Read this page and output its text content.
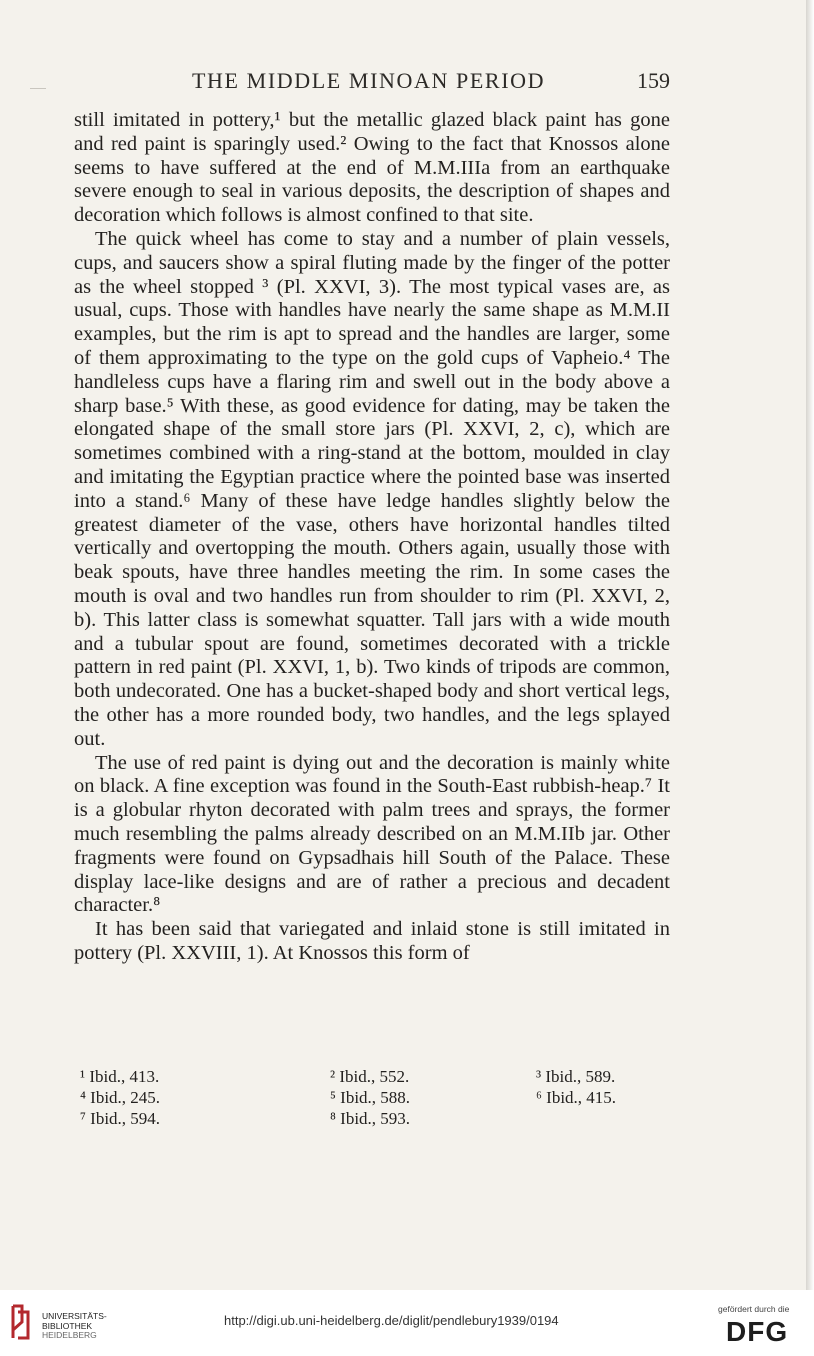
THE MIDDLE MINOAN PERIOD	159

still imitated in pottery,¹ but the metallic glazed black paint has gone and red paint is sparingly used.² Owing to the fact that Knossos alone seems to have suffered at the end of M.M.IIIa from an earthquake severe enough to seal in various deposits, the description of shapes and decoration which follows is almost confined to that site.

The quick wheel has come to stay and a number of plain vessels, cups, and saucers show a spiral fluting made by the finger of the potter as the wheel stopped ³ (Pl. XXVI, 3). The most typical vases are, as usual, cups. Those with handles have nearly the same shape as M.M.II examples, but the rim is apt to spread and the handles are larger, some of them approximating to the type on the gold cups of Vapheio.⁴ The handleless cups have a flaring rim and swell out in the body above a sharp base.⁵ With these, as good evidence for dating, may be taken the elongated shape of the small store jars (Pl. XXVI, 2, c), which are sometimes combined with a ring-stand at the bottom, moulded in clay and imitating the Egyptian practice where the pointed base was inserted into a stand.⁶ Many of these have ledge handles slightly below the greatest diameter of the vase, others have horizontal handles tilted vertically and overtopping the mouth. Others again, usually those with beak spouts, have three handles meeting the rim. In some cases the mouth is oval and two handles run from shoulder to rim (Pl. XXVI, 2, b). This latter class is somewhat squatter. Tall jars with a wide mouth and a tubular spout are found, sometimes decorated with a trickle pattern in red paint (Pl. XXVI, 1, b). Two kinds of tripods are common, both undecorated. One has a bucket-shaped body and short vertical legs, the other has a more rounded body, two handles, and the legs splayed out.

The use of red paint is dying out and the decoration is mainly white on black. A fine exception was found in the South-East rubbish-heap.⁷ It is a globular rhyton decorated with palm trees and sprays, the former much resembling the palms already described on an M.M.IIb jar. Other fragments were found on Gypsadhais hill South of the Palace. These display lace-like designs and are of rather a precious and decadent character.⁸

It has been said that variegated and inlaid stone is still imitated in pottery (Pl. XXVIII, 1). At Knossos this form of

¹ Ibid., 413.	² Ibid., 552.	³ Ibid., 589.
⁴ Ibid., 245.	⁵ Ibid., 588.	⁶ Ibid., 415.
⁷ Ibid., 594.	⁸ Ibid., 593.
UNIVERSITÄTS-
BIBLIOTHEK
HEIDELBERG
http://digi.ub.uni-heidelberg.de/diglit/pendlebury1939/0194
gefördert durch die
DFG
